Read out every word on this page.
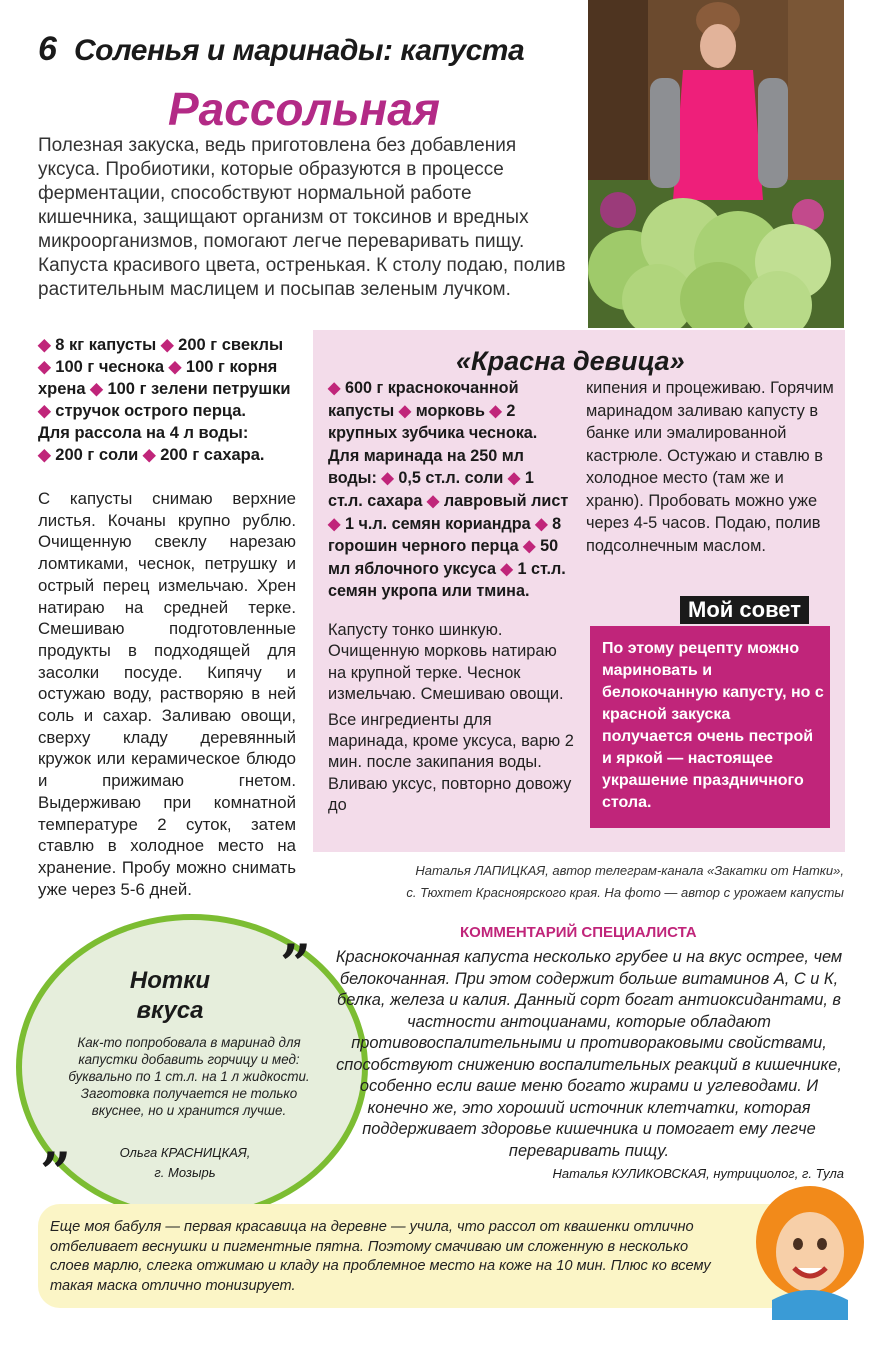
6 Соленья и маринады: капуста
Рассольная
Полезная закуска, ведь приготовлена без добавления уксуса. Пробиотики, которые образуются в процессе ферментации, способствуют нормальной работе кишечника, защищают организм от токсинов и вредных микроорганизмов, помогают легче переваривать пищу. Капуста красивого цвета, остренькая. К столу подаю, полив растительным маслицем и посыпав зеленым лучком.
◆ 8 кг капусты ◆ 200 г свеклы ◆ 100 г чеснока ◆ 100 г корня хрена ◆ 100 г зелени петрушки ◆ стручок острого перца.
Для рассола на 4 л воды:
◆ 200 г соли ◆ 200 г сахара.
С капусты снимаю верхние листья. Кочаны крупно рублю. Очищенную свеклу нарезаю ломтиками, чеснок, петрушку и острый перец измельчаю. Хрен натираю на средней терке. Смешиваю подготовленные продукты в подходящей для засолки посуде. Кипячу и остужаю воду, растворяю в ней соль и сахар. Заливаю овощи, сверху кладу деревянный кружок или керамическое блюдо и прижимаю гнетом. Выдерживаю при комнатной температуре 2 суток, затем ставлю в холодное место на хранение. Пробу можно снимать уже через 5-6 дней.
«Красна девица»
◆ 600 г краснокочанной капусты ◆ морковь ◆ 2 крупных зубчика чеснока. Для маринада на 250 мл воды: ◆ 0,5 ст.л. соли ◆ 1 ст.л. сахара ◆ лавровый лист ◆ 1 ч.л. семян кориандра ◆ 8 горошин черного перца ◆ 50 мл яблочного уксуса ◆ 1 ст.л. семян укропа или тмина.

Капусту тонко шинкую. Очищенную морковь натираю на крупной терке. Чеснок измельчаю. Смешиваю овощи.

Все ингредиенты для маринада, кроме уксуса, варю 2 мин. после закипания воды. Вливаю уксус, повторно довожу до

кипения и процеживаю. Горячим маринадом заливаю капусту в банке или эмалированной кастрюле. Остужаю и ставлю в холодное место (там же и храню). Пробовать можно уже через 4-5 часов. Подаю, полив подсолнечным маслом.
Мой совет
По этому рецепту можно мариновать и белокочанную капусту, но с красной закуска получается очень пестрой и яркой — настоящее украшение праздничного стола.
Наталья ЛАПИЦКАЯ, автор телеграм-канала «Закатки от Натки»,
с. Тюхтет Красноярского края. На фото — автор с урожаем капусты
Нотки
вкуса
Как-то попробовала в маринад для капустки добавить горчицу и мед: буквально по 1 ст.л. на 1 л жидкости. Заготовка получается не только вкуснее, но и хранится лучше.
Ольга КРАСНИЦКАЯ,
г. Мозырь
”
”
КОММЕНТАРИЙ СПЕЦИАЛИСТА
Краснокочанная капуста несколько грубее и на вкус острее, чем белокочанная. При этом содержит больше витаминов А, С и К, белка, железа и калия. Данный сорт богат антиоксидантами, в частности антоцианами, которые обладают противовоспалительными и противораковыми свойствами, способствуют снижению воспалительных реакций в кишечнике, особенно если ваше меню богато жирами и углеводами. И конечно же, это хороший источник клетчатки, которая поддерживает здоровье кишечника и помогает ему легче переваривать пищу.
Наталья КУЛИКОВСКАЯ, нутрициолог, г. Тула
Еще моя бабуля — первая красавица на деревне — учила, что рассол от квашенки отлично отбеливает веснушки и пигментные пятна. Поэтому смачиваю им сложенную в несколько слоев марлю, слегка отжимаю и кладу на проблемное место на коже на 10 мин. Плюс ко всему такая маска отлично тонизирует.
